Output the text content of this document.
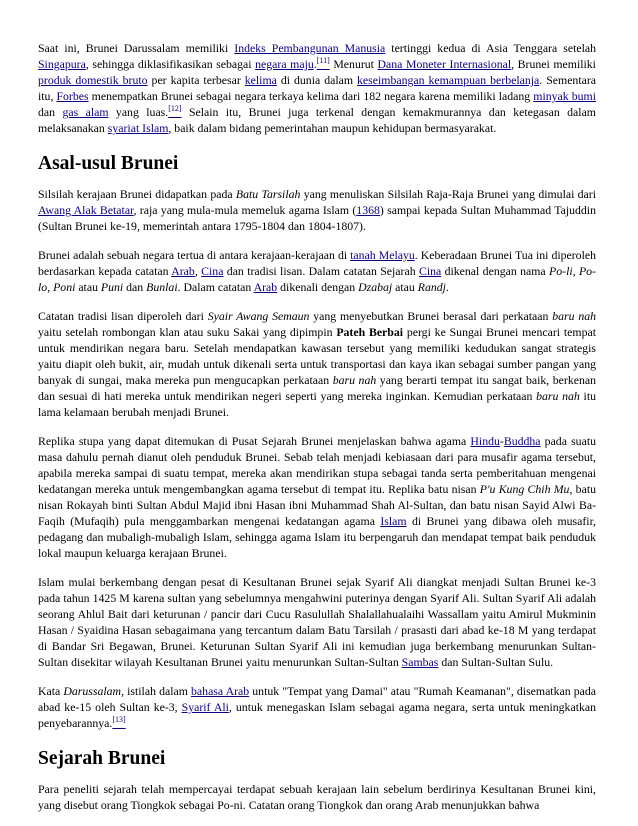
Saat ini, Brunei Darussalam memiliki Indeks Pembangunan Manusia tertinggi kedua di Asia Tenggara setelah Singapura, sehingga diklasifikasikan sebagai negara maju.[11] Menurut Dana Moneter Internasional, Brunei memiliki produk domestik bruto per kapita terbesar kelima di dunia dalam keseimbangan kemampuan berbelanja. Sementara itu, Forbes menempatkan Brunei sebagai negara terkaya kelima dari 182 negara karena memiliki ladang minyak bumi dan gas alam yang luas.[12] Selain itu, Brunei juga terkenal dengan kemakmurannya dan ketegasan dalam melaksanakan syariat Islam, baik dalam bidang pemerintahan maupun kehidupan bermasyarakat.

Asal-usul Brunei

Silsilah kerajaan Brunei didapatkan pada Batu Tarsilah yang menuliskan Silsilah Raja-Raja Brunei yang dimulai dari Awang Alak Betatar, raja yang mula-mula memeluk agama Islam (1368) sampai kepada Sultan Muhammad Tajuddin (Sultan Brunei ke-19, memerintah antara 1795-1804 dan 1804-1807).

Brunei adalah sebuah negara tertua di antara kerajaan-kerajaan di tanah Melayu. Keberadaan Brunei Tua ini diperoleh berdasarkan kepada catatan Arab, Cina dan tradisi lisan. Dalam catatan Sejarah Cina dikenal dengan nama Po-li, Po-lo, Poni atau Puni dan Bunlai. Dalam catatan Arab dikenali dengan Dzabaj atau Randj.

Catatan tradisi lisan diperoleh dari Syair Awang Semaun yang menyebutkan Brunei berasal dari perkataan baru nah yaitu setelah rombongan klan atau suku Sakai yang dipimpin Pateh Berbai pergi ke Sungai Brunei mencari tempat untuk mendirikan negara baru. Setelah mendapatkan kawasan tersebut yang memiliki kedudukan sangat strategis yaitu diapit oleh bukit, air, mudah untuk dikenali serta untuk transportasi dan kaya ikan sebagai sumber pangan yang banyak di sungai, maka mereka pun mengucapkan perkataan baru nah yang berarti tempat itu sangat baik, berkenan dan sesuai di hati mereka untuk mendirikan negeri seperti yang mereka inginkan. Kemudian perkataan baru nah itu lama kelamaan berubah menjadi Brunei.

Replika stupa yang dapat ditemukan di Pusat Sejarah Brunei menjelaskan bahwa agama Hindu-Buddha pada suatu masa dahulu pernah dianut oleh penduduk Brunei. Sebab telah menjadi kebiasaan dari para musafir agama tersebut, apabila mereka sampai di suatu tempat, mereka akan mendirikan stupa sebagai tanda serta pemberitahuan mengenai kedatangan mereka untuk mengembangkan agama tersebut di tempat itu. Replika batu nisan P'u Kung Chih Mu, batu nisan Rokayah binti Sultan Abdul Majid ibni Hasan ibni Muhammad Shah Al-Sultan, dan batu nisan Sayid Alwi Ba-Faqih (Mufaqih) pula menggambarkan mengenai kedatangan agama Islam di Brunei yang dibawa oleh musafir, pedagang dan mubaligh-mubaligh Islam, sehingga agama Islam itu berpengaruh dan mendapat tempat baik penduduk lokal maupun keluarga kerajaan Brunei.

Islam mulai berkembang dengan pesat di Kesultanan Brunei sejak Syarif Ali diangkat menjadi Sultan Brunei ke-3 pada tahun 1425 M karena sultan yang sebelumnya mengahwini puterinya dengan Syarif Ali. Sultan Syarif Ali adalah seorang Ahlul Bait dari keturunan / pancir dari Cucu Rasulullah Shalallahualaihi Wassallam yaitu Amirul Mukminin Hasan / Syaidina Hasan sebagaimana yang tercantum dalam Batu Tarsilah / prasasti dari abad ke-18 M yang terdapat di Bandar Sri Begawan, Brunei. Keturunan Sultan Syarif Ali ini kemudian juga berkembang menurunkan Sultan-Sultan disekitar wilayah Kesultanan Brunei yaitu menurunkan Sultan-Sultan Sambas dan Sultan-Sultan Sulu.

Kata Darussalam, istilah dalam bahasa Arab untuk "Tempat yang Damai" atau "Rumah Keamanan", disematkan pada abad ke-15 oleh Sultan ke-3, Syarif Ali, untuk menegaskan Islam sebagai agama negara, serta untuk meningkatkan penyebarannya.[13]

Sejarah Brunei

Para peneliti sejarah telah mempercayai terdapat sebuah kerajaan lain sebelum berdirinya Kesultanan Brunei kini, yang disebut orang Tiongkok sebagai Po-ni. Catatan orang Tiongkok dan orang Arab menunjukkan bahwa
